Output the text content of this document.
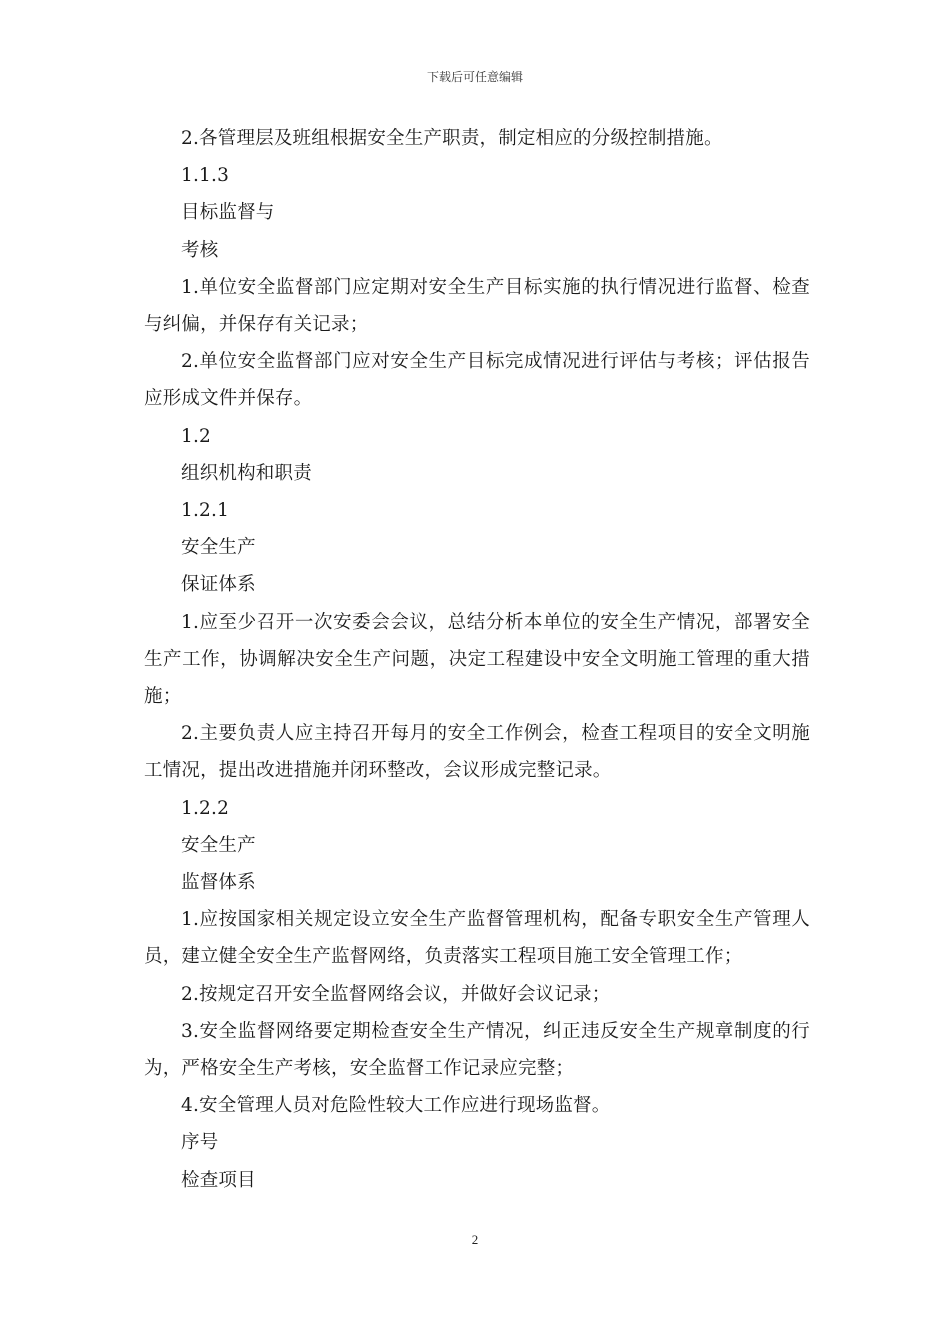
下载后可任意编辑

2.各管理层及班组根据安全生产职责，制定相应的分级控制措施。

1.1.3

目标监督与

考核

1.单位安全监督部门应定期对安全生产目标实施的执行情况进行监督、检查与纠偏，并保存有关记录；

2.单位安全监督部门应对安全生产目标完成情况进行评估与考核；评估报告应形成文件并保存。

1.2

组织机构和职责

1.2.1

安全生产

保证体系

1.应至少召开一次安委会会议，总结分析本单位的安全生产情况，部署安全生产工作，协调解决安全生产问题，决定工程建设中安全文明施工管理的重大措施；

2.主要负责人应主持召开每月的安全工作例会，检查工程项目的安全文明施工情况，提出改进措施并闭环整改，会议形成完整记录。

1.2.2

安全生产

监督体系

1.应按国家相关规定设立安全生产监督管理机构，配备专职安全生产管理人员，建立健全安全生产监督网络，负责落实工程项目施工安全管理工作；

2.按规定召开安全监督网络会议，并做好会议记录；

3.安全监督网络要定期检查安全生产情况，纠正违反安全生产规章制度的行为，严格安全生产考核，安全监督工作记录应完整；

4.安全管理人员对危险性较大工作应进行现场监督。

序号

检查项目

2
